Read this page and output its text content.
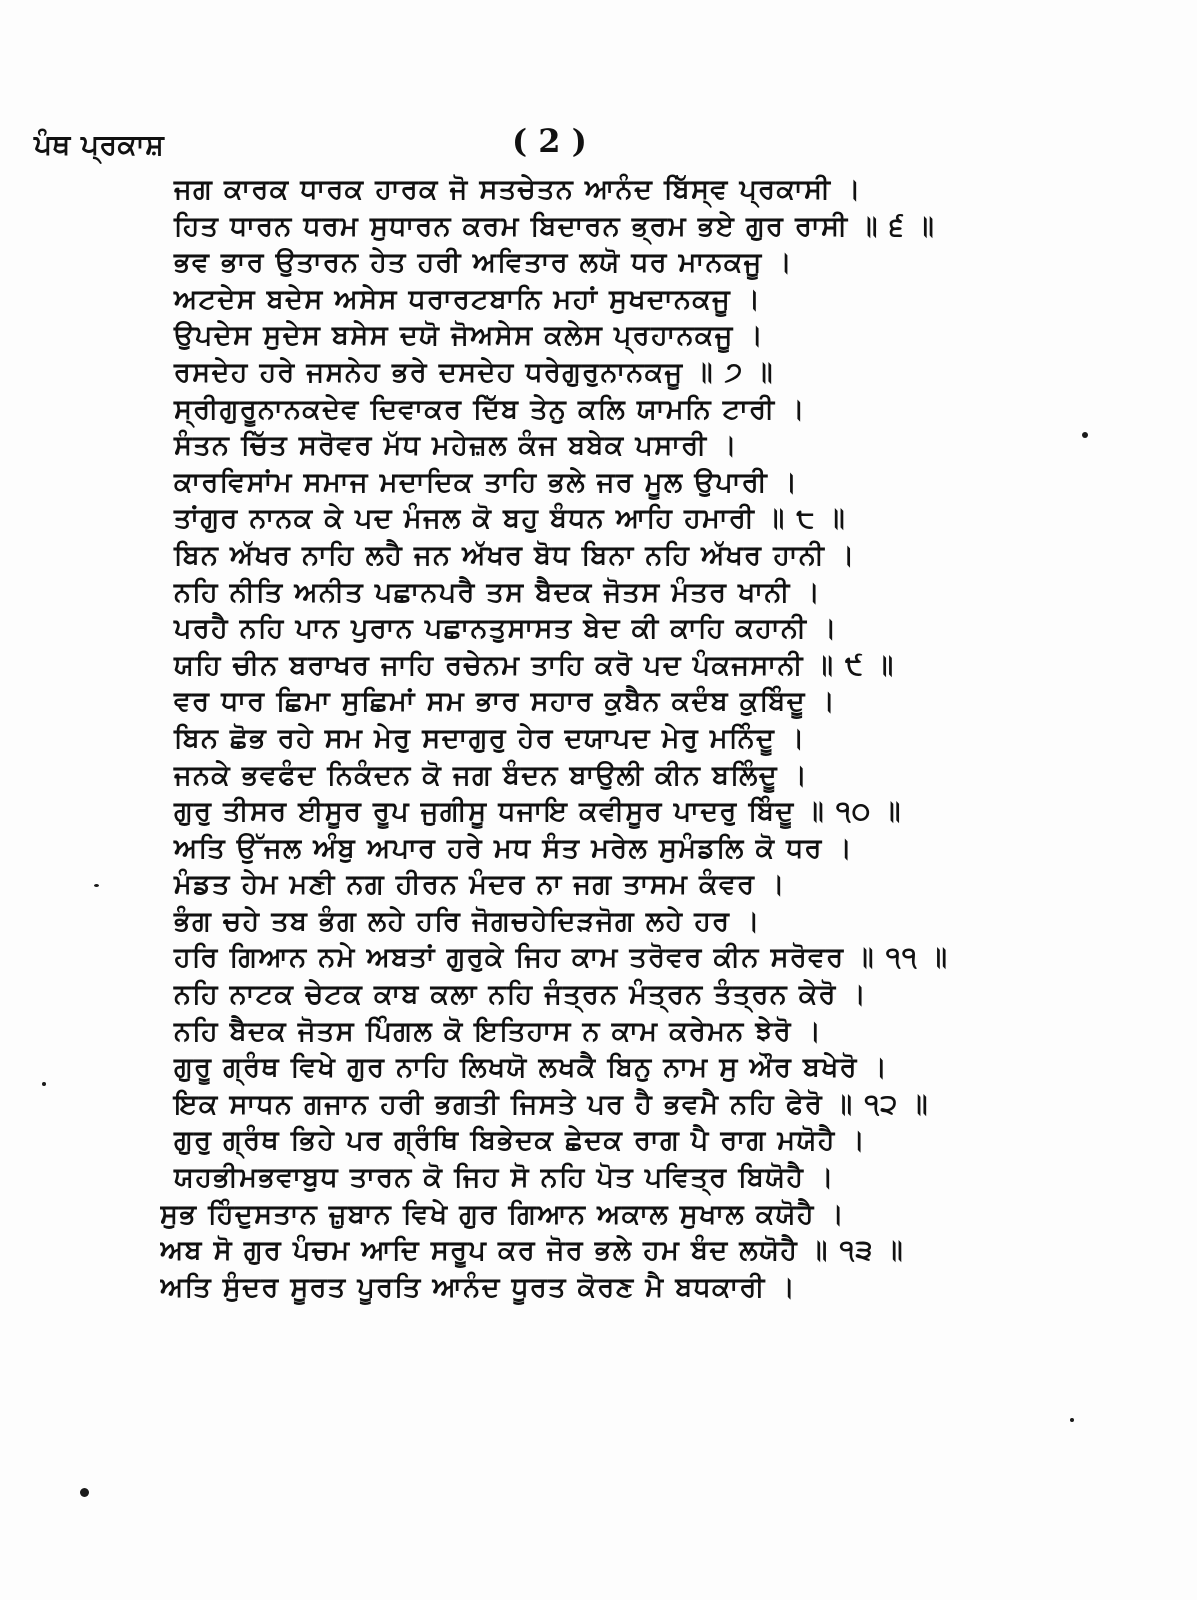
ਪੰਥ ਪ੍ਰਕਾਸ਼	( 2 )
ਜਗ ਕਾਰਕ ਧਾਰਕ ਹਾਰਕ ਜੋ ਸਤਚੇਤਨ ਆਨੰਦ ਬਿੱਸ੍ਵ ਪ੍ਰਕਾਸੀ ।
ਹਿਤ ਧਾਰਨ ਧਰਮ ਸੁਧਾਰਨ ਕਰਮ ਬਿਦਾਰਨ ਭ੍ਰਮ ਭਏ ਗੁਰ ਰਾਸੀ ॥ ੬ ॥
ਭਵ ਭਾਰ ਉਤਾਰਨ ਹੇਤ ਹਰੀ ਅਵਿਤਾਰ ਲਯੋ ਧਰ ਮਾਨਕਜੂ ।
ਅਟਦੇਸ ਬਦੇਸ ਅਸੇਸ ਧਰਾਰਟਬਾਨਿ ਮਹਾਂ ਸੁਖਦਾਨਕਜੂ ।
ਉਪਦੇਸ ਸੁਦੇਸ ਬਸੇਸ ਦਯੋ ਜੋਅਸੇਸ ਕਲੇਸ ਪ੍ਰਹਾਨਕਜੂ ।
ਰਸਦੇਹ ਹਰੇ ਜਸਨੇਹ ਭਰੇ ਦਸਦੇਹ ਧਰੇਗੁਰੁਨਾਨਕਜੂ ॥ ੭ ॥
ਸ੍ਰੀਗੁਰੂਨਾਨਕਦੇਵ ਦਿਵਾਕਰ ਦਿੱਬ ਤੇਨੁ ਕਲਿ ਯਾਮਨਿ ਟਾਰੀ ।
ਸੰਤਨ ਚਿੱਤ ਸਰੋਵਰ ਮੱਧ ਮਹੇਜ਼ਲ ਕੰਜ ਬਬੇਕ ਪਸਾਰੀ ।
ਕਾਰਵਿਸਾਂਮ ਸਮਾਜ ਮਦਾਦਿਕ ਤਾਹਿ ਭਲੇ ਜਰ ਮੂਲ ਉਪਾਰੀ ।
ਤਾਂਗੁਰ ਨਾਨਕ ਕੇ ਪਦ ਮੰਜਲ ਕੋ ਬਹੁ ਬੰਧਨ ਆਹਿ ਹਮਾਰੀ ॥ ੮ ॥
ਬਿਨ ਅੱਖਰ ਨਾਹਿ ਲਹੈ ਜਨ ਅੱਖਰ ਬੋਧ ਬਿਨਾ ਨਹਿ ਅੱਖਰ ਹਾਨੀ ।
ਨਹਿ ਨੀਤਿ ਅਨੀਤ ਪਛਾਨਪਰੈ ਤਸ ਬੈਦਕ ਜੋਤਸ ਮੰਤਰ ਖਾਨੀ ।
ਪਰਹੈ ਨਹਿ ਪਾਨ ਪੁਰਾਨ ਪਛਾਨਤੁਸਾਸਤ ਬੇਦ ਕੀ ਕਾਹਿ ਕਹਾਨੀ ।
ਯਹਿ ਚੀਨ ਬਰਾਖਰ ਜਾਹਿ ਰਚੇਨਮ ਤਾਹਿ ਕਰੋ ਪਦ ਪੰਕਜਸਾਨੀ ॥ ੯ ॥
ਵਰ ਧਾਰ ਛਿਮਾ ਸੁਛਿਮਾਂ ਸਮ ਭਾਰ ਸਹਾਰ ਕੁਬੈਨ ਕਦੰਬ ਕੁਬਿੰਦੂ ।
ਬਿਨ ਛੋਭ ਰਹੇ ਸਮ ਮੇਰੁ ਸਦਾਗੁਰੁ ਹੇਰ ਦਯਾਪਦ ਮੇਰੁ ਮਨਿੰਦੂ ।
ਜਨਕੇ ਭਵਫੰਦ ਨਿਕੰਦਨ ਕੋ ਜਗ ਬੰਦਨ ਬਾਉਲੀ ਕੀਨ ਬਲਿੰਦੂ ।
ਗੁਰੁ ਤੀਸਰ ਈਸੂਰ ਰੂਪ ਜੁਗੀਸੂ ਧਜਾਇ ਕਵੀਸੂਰ ਪਾਦਰੁ ਬਿੰਦੂ ॥ ੧੦ ॥
ਅਤਿ ਉੱਜਲ ਅੰਬੁ ਅਪਾਰ ਹਰੇ ਮਧ ਸੰਤ ਮਰੇਲ ਸੁਮੰਡਲਿ ਕੋ ਧਰ ।
ਮੰਡਤ ਹੇਮ ਮਣੀ ਨਗ ਹੀਰਨ ਮੰਦਰ ਨਾ ਜਗ ਤਾਸਮ ਕੰਵਰ ।
ਭੰਗ ਚਹੇ ਤਬ ਭੰਗ ਲਹੇ ਹਰਿ ਜੋਗਚਹੇਦਿੜਜੋਗ ਲਹੇ ਹਰ ।
ਹਰਿ ਗਿਆਨ ਨਮੇ ਅਬਤਾਂ ਗੁਰੁਕੇ ਜਿਹ ਕਾਮ ਤਰੋਵਰ ਕੀਨ ਸਰੋਵਰ ॥ ੧੧ ॥
ਨਹਿ ਨਾਟਕ ਚੇਟਕ ਕਾਬ ਕਲਾ ਨਹਿ ਜੰਤ੍ਰਨ ਮੰਤ੍ਰਨ ਤੰਤ੍ਰਨ ਕੇਰੋ ।
ਨਹਿ ਬੈਦਕ ਜੋਤਸ ਪਿੰਗਲ ਕੋ ਇਤਿਹਾਸ ਨ ਕਾਮ ਕਰੇਮਨ ਝੇਰੋ ।
ਗੁਰੂ ਗ੍ਰੰਥ ਵਿਖੇ ਗੁਰ ਨਾਹਿ ਲਿਖਯੋ ਲਖਕੈ ਬਿਨੁ ਨਾਮ ਸੁ ਔਰ ਬਖੇਰੋ ।
ਇਕ ਸਾਧਨ ਗਜਾਨ ਹਰੀ ਭਗਤੀ ਜਿਸਤੇ ਪਰ ਹੈ ਭਵਮੈ ਨਹਿ ਫੇਰੋ ॥ ੧੨ ॥
ਗੁਰੁ ਗ੍ਰੰਥ ਭਿਹੇ ਪਰ ਗ੍ਰੰਥਿ ਬਿਭੇਦਕ ਛੇਦਕ ਰਾਗ ਪੈ ਰਾਗ ਮਯੋਹੈ ।
ਯਹਭੀਮਭਵਾਬੁਧ ਤਾਰਨ ਕੋ ਜਿਹ ਸੋ ਨਹਿ ਪੋਤ ਪਵਿਤ੍ਰ ਬਿਯੋਹੈ ।
ਸੁਭ ਹਿੰਦੁਸਤਾਨ ਜ਼ੁਬਾਨ ਵਿਖੇ ਗੁਰ ਗਿਆਨ ਅਕਾਲ ਸੁਖਾਲ ਕਯੋਹੈ ।
ਅਬ ਸੋ ਗੁਰ ਪੰਚਮ ਆਦਿ ਸਰੂਪ ਕਰ ਜੋਰ ਭਲੇ ਹਮ ਬੰਦ ਲਯੋਹੈ ॥ ੧੩ ॥
ਅਤਿ ਸੁੰਦਰ ਸੂਰਤ ਪੂਰਤਿ ਆਨੰਦ ਧੂਰਤ ਕੋਰਣ ਮੈ ਬਧਕਾਰੀ ।
